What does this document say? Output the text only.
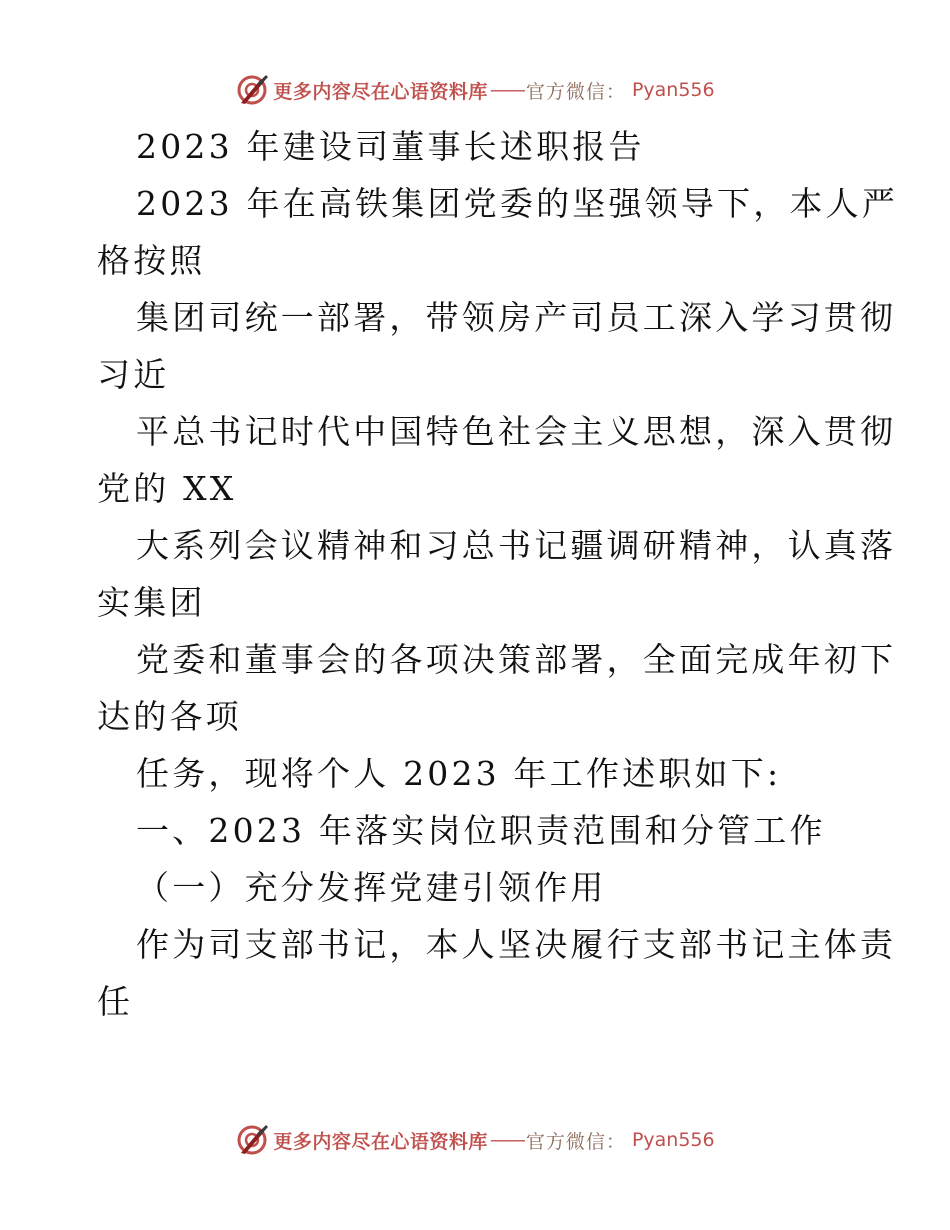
更多内容尽在心语资料库 —— 官方微信： Pyan556
2023 年建设司董事长述职报告
2023 年在高铁集团党委的坚强领导下，本人严
格按照
集团司统一部署，带领房产司员工深入学习贯彻
习近
平总书记时代中国特色社会主义思想，深入贯彻
党的 XX
大系列会议精神和习总书记疆调研精神，认真落
实集团
党委和董事会的各项决策部署，全面完成年初下
达的各项
任务，现将个人 2023 年工作述职如下:
一、2023 年落实岗位职责范围和分管工作
（一）充分发挥党建引领作用
作为司支部书记，本人坚决履行支部书记主体责
任
更多内容尽在心语资料库 —— 官方微信： Pyan556
